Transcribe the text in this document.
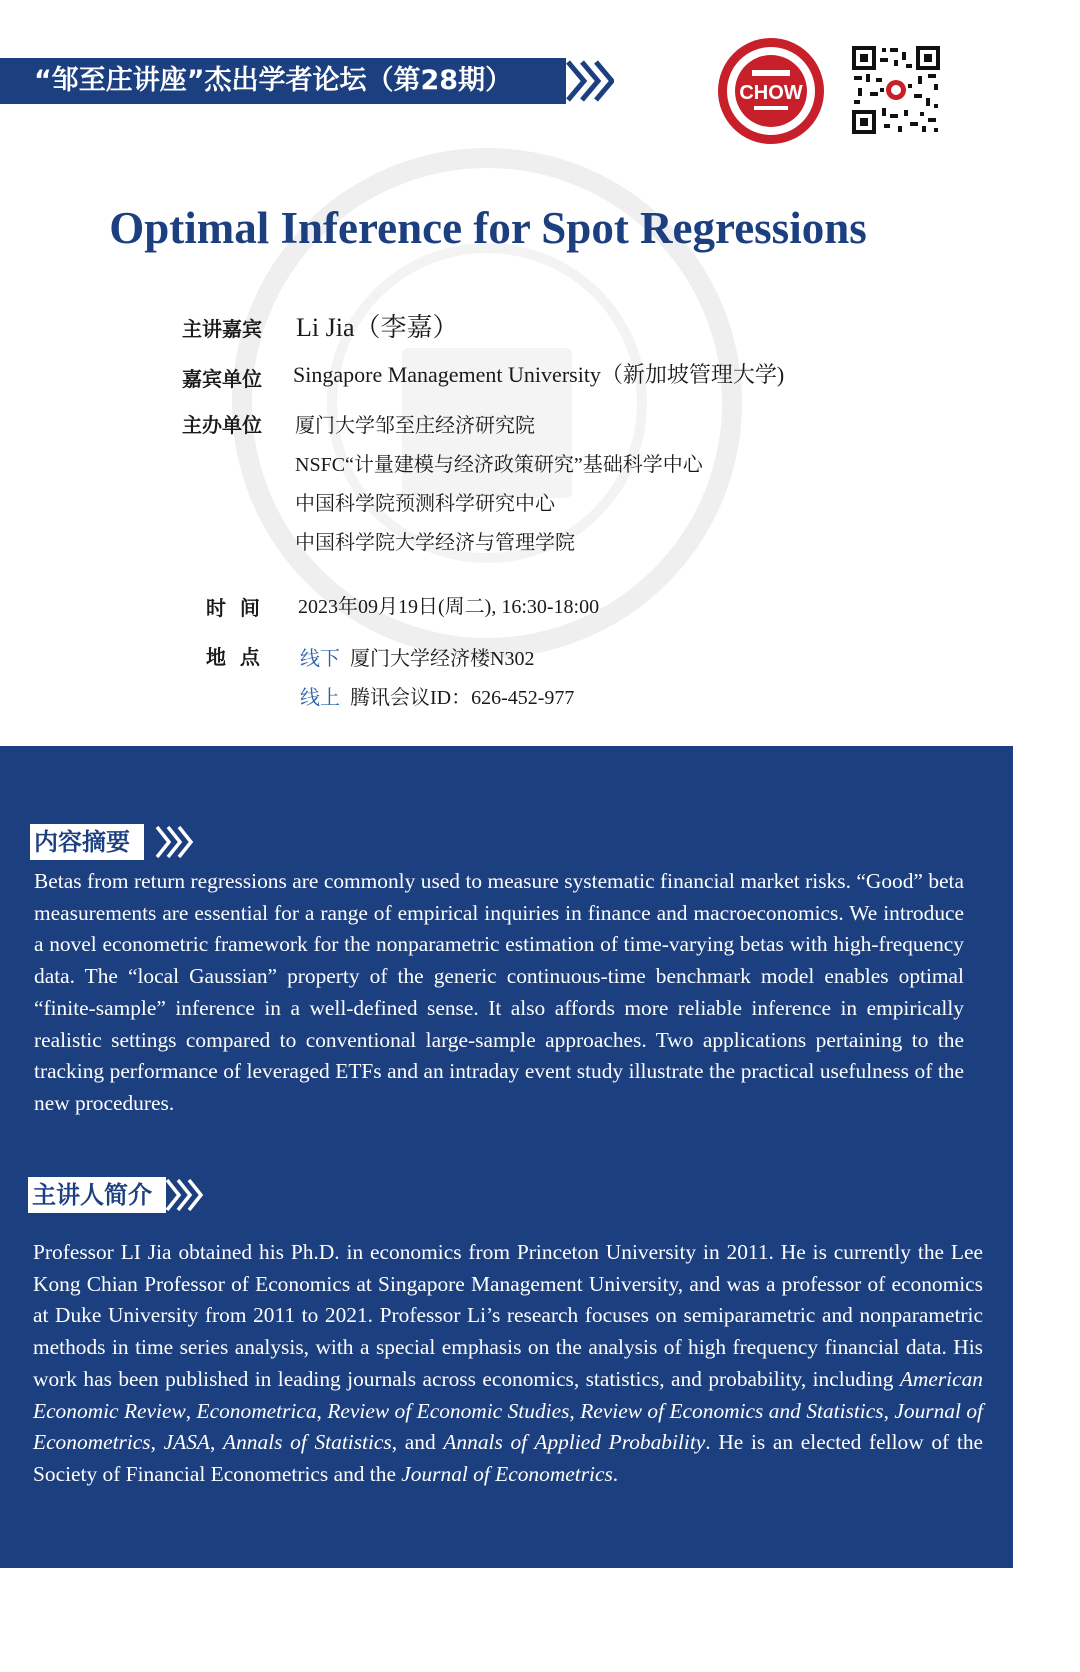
“邹至庄讲座”杰出学者论坛（第28期）	CHOW
Optimal Inference for Spot Regressions
主讲嘉宾 Li Jia（李嘉）
嘉宾单位 Singapore Management University（新加坡管理大学)
主办单位 厦门大学邹至庄经济研究院
NSFC“计量建模与经济政策研究”基础科学中心
中国科学院预测科学研究中心
中国科学院大学经济与管理学院
时  间 2023年09月19日(周二), 16:30-18:00
地  点 线下 厦门大学经济楼N302
线上 腾讯会议ID：626-452-977
内容摘要
Betas from return regressions are commonly used to measure systematic financial market risks. “Good” beta measurements are essential for a range of empirical inquiries in finance and macroeconomics. We introduce a novel econometric framework for the nonparametric estimation of time-varying betas with high-frequency data. The “local Gaussian” property of the generic continuous-time benchmark model enables optimal “finite-sample” inference in a well-defined sense. It also affords more reliable inference in empirically realistic settings compared to conventional large-sample approaches. Two applications pertaining to the tracking performance of leveraged ETFs and an intraday event study illustrate the practical usefulness of the new procedures.
主讲人简介
Professor LI Jia obtained his Ph.D. in economics from Princeton University in 2011. He is currently the Lee Kong Chian Professor of Economics at Singapore Management University, and was a professor of economics at Duke University from 2011 to 2021. Professor Li’s research focuses on semiparametric and nonparametric methods in time series analysis, with a special emphasis on the analysis of high frequency financial data. His work has been published in leading journals across economics, statistics, and probability, including American Economic Review, Econometrica, Review of Economic Studies, Review of Economics and Statistics, Journal of Econometrics, JASA, Annals of Statistics, and Annals of Applied Probability. He is an elected fellow of the Society of Financial Econometrics and the Journal of Econometrics.
